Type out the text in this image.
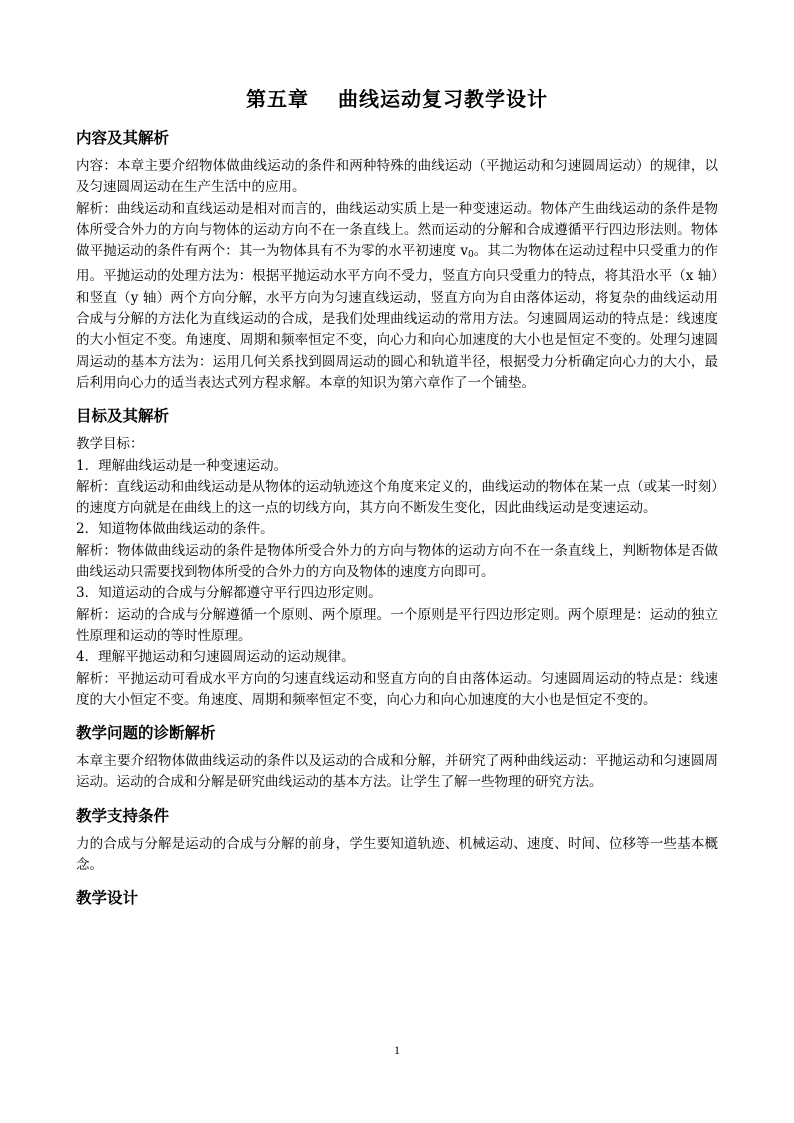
第五章　 曲线运动复习教学设计
内容及其解析

内容：本章主要介绍物体做曲线运动的条件和两种特殊的曲线运动（平抛运动和匀速圆周运动）的规律，以及匀速圆周运动在生产生活中的应用。

解析：曲线运动和直线运动是相对而言的，曲线运动实质上是一种变速运动。物体产生曲线运动的条件是物体所受合外力的方向与物体的运动方向不在一条直线上。然而运动的分解和合成遵循平行四边形法则。物体做平抛运动的条件有两个：其一为物体具有不为零的水平初速度 $v_0$。其二为物体在运动过程中只受重力的作用。平抛运动的处理方法为：根据平抛运动水平方向不受力，竖直方向只受重力的特点，将其沿水平（x 轴）和竖直（y 轴）两个方向分解，水平方向为匀速直线运动，竖直方向为自由落体运动，将复杂的曲线运动用合成与分解的方法化为直线运动的合成，是我们处理曲线运动的常用方法。匀速圆周运动的特点是：线速度的大小恒定不变。角速度、周期和频率恒定不变，向心力和向心加速度的大小也是恒定不变的。处理匀速圆周运动的基本方法为：运用几何关系找到圆周运动的圆心和轨道半径，根据受力分析确定向心力的大小，最后利用向心力的适当表达式列方程求解。本章的知识为第六章作了一个铺垫。

目标及其解析

教学目标：

1．理解曲线运动是一种变速运动。

解析：直线运动和曲线运动是从物体的运动轨迹这个角度来定义的，曲线运动的物体在某一点（或某一时刻）的速度方向就是在曲线上的这一点的切线方向，其方向不断发生变化，因此曲线运动是变速运动。

2．知道物体做曲线运动的条件。

解析：物体做曲线运动的条件是物体所受合外力的方向与物体的运动方向不在一条直线上，判断物体是否做曲线运动只需要找到物体所受的合外力的方向及物体的速度方向即可。

3．知道运动的合成与分解都遵守平行四边形定则。

解析：运动的合成与分解遵循一个原则、两个原理。一个原则是平行四边形定则。两个原理是：运动的独立性原理和运动的等时性原理。

4．理解平抛运动和匀速圆周运动的运动规律。

解析：平抛运动可看成水平方向的匀速直线运动和竖直方向的自由落体运动。匀速圆周运动的特点是：线速度的大小恒定不变。角速度、周期和频率恒定不变，向心力和向心加速度的大小也是恒定不变的。

教学问题的诊断解析

本章主要介绍物体做曲线运动的条件以及运动的合成和分解，并研究了两种曲线运动：平抛运动和匀速圆周运动。运动的合成和分解是研究曲线运动的基本方法。让学生了解一些物理的研究方法。

教学支持条件

力的合成与分解是运动的合成与分解的前身，学生要知道轨迹、机械运动、速度、时间、位移等一些基本概念。

教学设计
1
